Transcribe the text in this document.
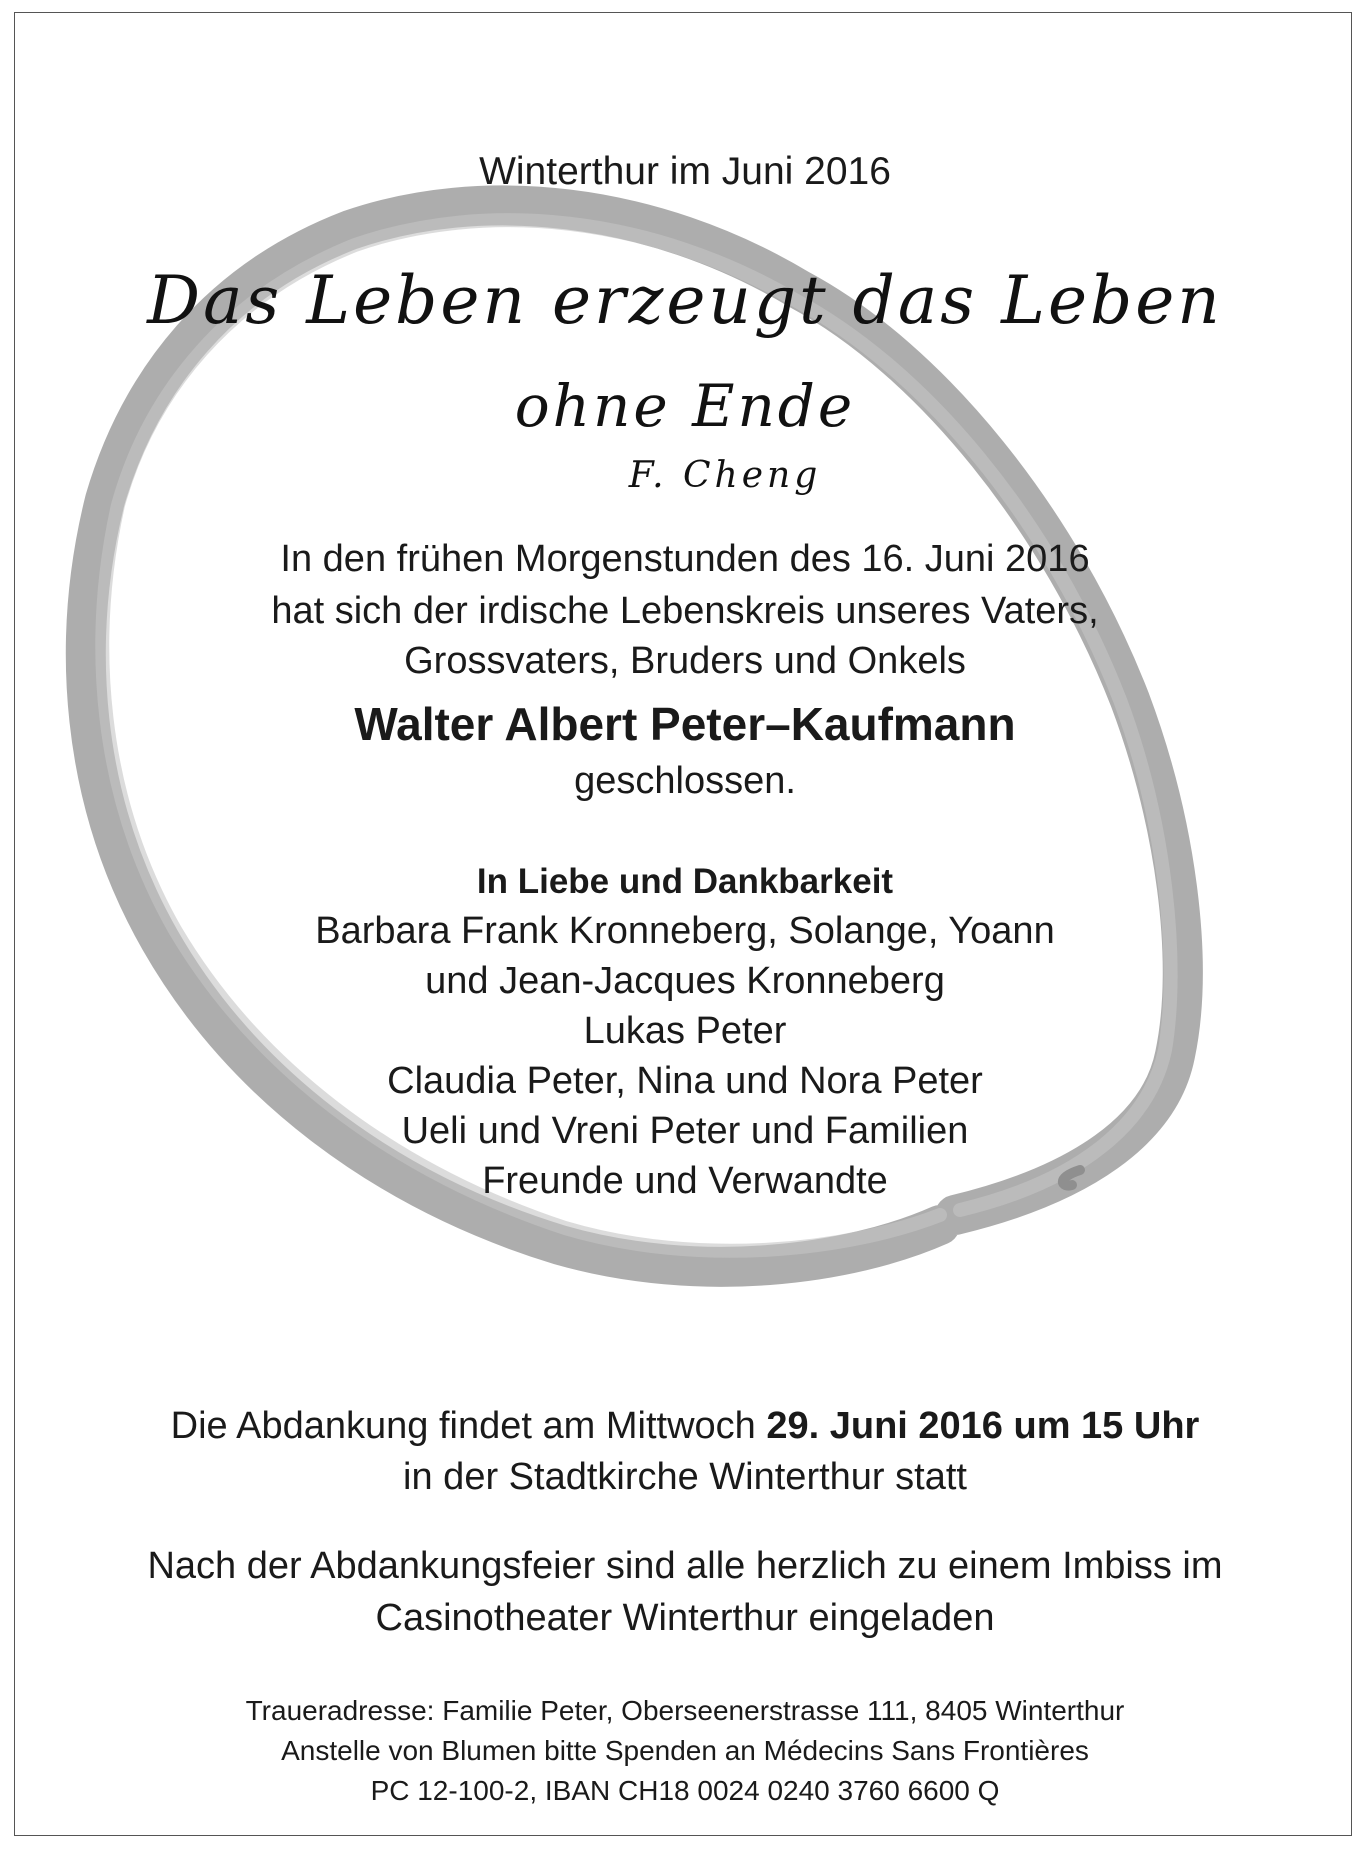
Winterthur im Juni 2016
Das Leben erzeugt das Leben
ohne Ende
F. Cheng
In den frühen Morgenstunden des 16. Juni 2016
hat sich der irdische Lebenskreis unseres Vaters,
Grossvaters, Bruders und Onkels
Walter Albert Peter–Kaufmann
geschlossen.
In Liebe und Dankbarkeit
Barbara Frank Kronneberg, Solange, Yoann
und Jean-Jacques Kronneberg
Lukas Peter
Claudia Peter, Nina und Nora Peter
Ueli und Vreni Peter und Familien
Freunde und Verwandte
Die Abdankung findet am Mittwoch 29. Juni 2016 um 15 Uhr
in der Stadtkirche Winterthur statt
Nach der Abdankungsfeier sind alle herzlich zu einem Imbiss im
Casinotheater Winterthur eingeladen
Traueradresse: Familie Peter, Oberseenerstrasse 111, 8405 Winterthur
Anstelle von Blumen bitte Spenden an Médecins Sans Frontières
PC 12-100-2, IBAN CH18 0024 0240 3760 6600 Q
